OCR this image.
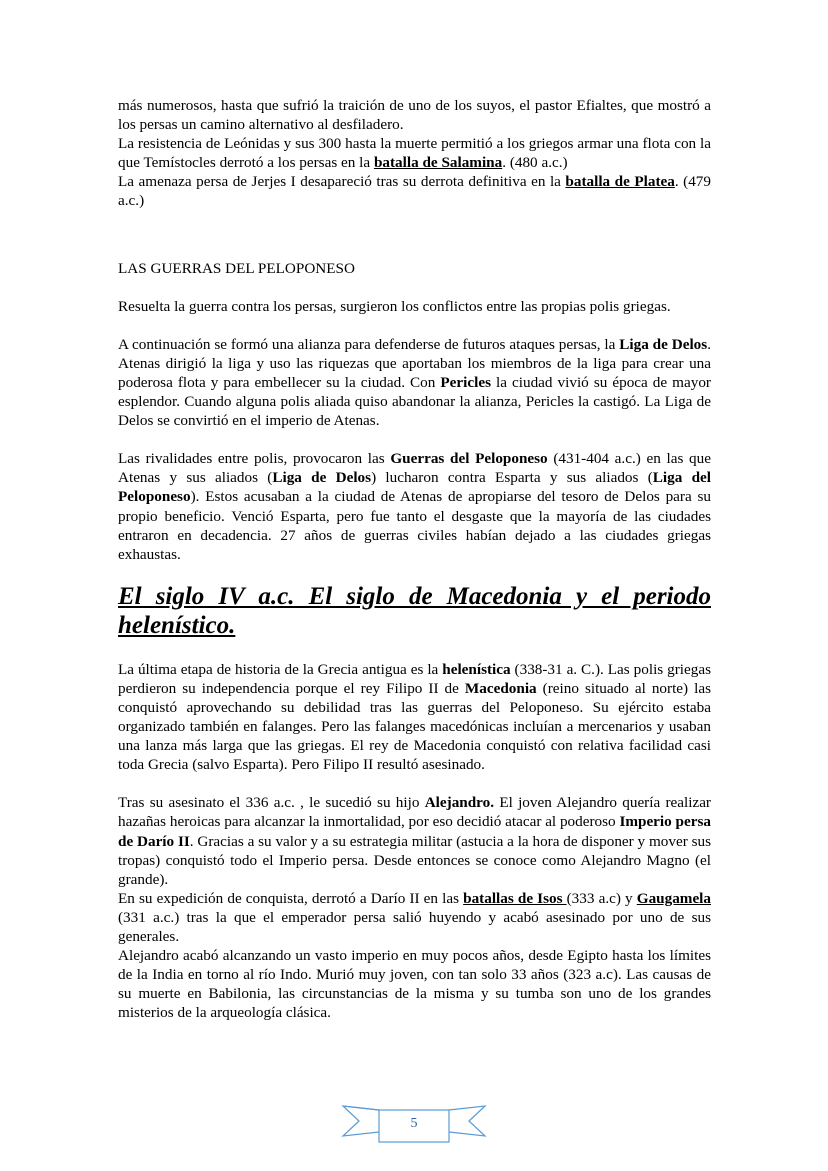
más numerosos, hasta que sufrió la traición de uno de los suyos, el pastor Efialtes, que mostró a los persas un camino alternativo al desfiladero.
La resistencia de Leónidas y sus 300 hasta la muerte permitió a los griegos armar una flota con la que Temístocles derrotó a los persas en la batalla de Salamina. (480 a.c.)
La amenaza persa de Jerjes I desapareció tras su derrota definitiva en la batalla de Platea. (479 a.c.)

LAS GUERRAS DEL PELOPONESO

Resuelta la guerra contra los persas, surgieron los conflictos entre las propias polis griegas.

A continuación se formó una alianza para defenderse de futuros ataques persas, la Liga de Delos. Atenas dirigió la liga y uso las riquezas que aportaban los miembros de la liga para crear una poderosa flota y para embellecer su la ciudad. Con Pericles la ciudad vivió su época de mayor esplendor. Cuando alguna polis aliada quiso abandonar la alianza, Pericles la castigó. La Liga de Delos se convirtió en el imperio de Atenas.

Las rivalidades entre polis, provocaron las Guerras del Peloponeso (431-404 a.c.) en las que Atenas y sus aliados (Liga de Delos) lucharon contra Esparta y sus aliados (Liga del Peloponeso). Estos acusaban a la ciudad de Atenas de apropiarse del tesoro de Delos para su propio beneficio. Venció Esparta, pero fue tanto el desgaste que la mayoría de las ciudades entraron en decadencia. 27 años de guerras civiles habían dejado a las ciudades griegas exhaustas.

El siglo IV a.c. El siglo de Macedonia y el periodo helenístico.

La última etapa de historia de la Grecia antigua es la helenística (338-31 a. C.). Las polis griegas perdieron su independencia porque el rey Filipo II de Macedonia (reino situado al norte) las conquistó aprovechando su debilidad tras las guerras del Peloponeso. Su ejército estaba organizado también en falanges. Pero las falanges macedónicas incluían a mercenarios y usaban una lanza más larga que las griegas. El rey de Macedonia conquistó con relativa facilidad casi toda Grecia (salvo Esparta). Pero Filipo II resultó asesinado.

Tras su asesinato el 336 a.c. , le sucedió su hijo Alejandro. El joven Alejandro quería realizar hazañas heroicas para alcanzar la inmortalidad, por eso decidió atacar al poderoso Imperio persa de Darío II. Gracias a su valor y a su estrategia militar (astucia a la hora de disponer y mover sus tropas) conquistó todo el Imperio persa. Desde entonces se conoce como Alejandro Magno (el grande).

En su expedición de conquista, derrotó a Darío II en las batallas de Isos (333 a.c) y Gaugamela (331 a.c.) tras la que el emperador persa salió huyendo y acabó asesinado por uno de sus generales.

Alejandro acabó alcanzando un vasto imperio en muy pocos años, desde Egipto hasta los límites de la India en torno al río Indo. Murió muy joven, con tan solo 33 años (323 a.c). Las causas de su muerte en Babilonia, las circunstancias de la misma y su tumba son uno de los grandes misterios de la arqueología clásica.

5
